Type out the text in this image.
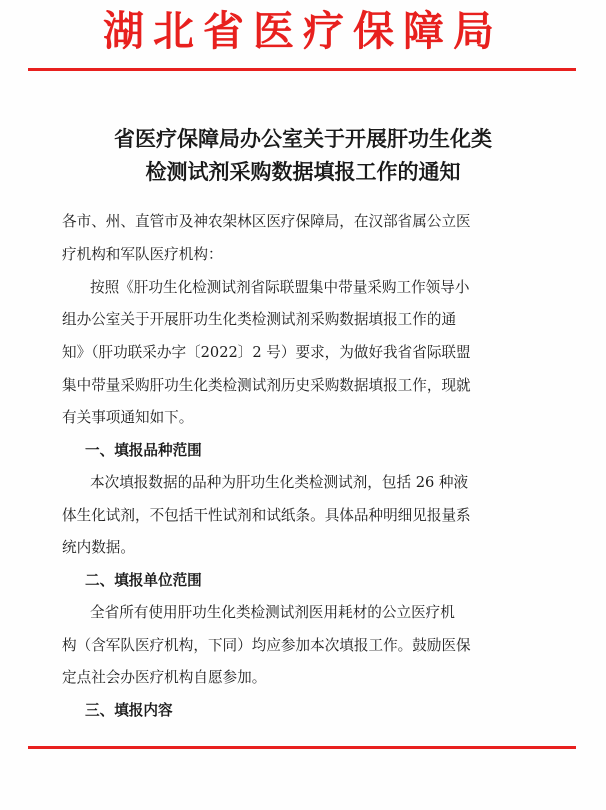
湖北省医疗保障局
省医疗保障局办公室关于开展肝功生化类
检测试剂采购数据填报工作的通知
各市、州、直管市及神农架林区医疗保障局，在汉部省属公立医
疗机构和军队医疗机构：
按照《肝功生化检测试剂省际联盟集中带量采购工作领导小
组办公室关于开展肝功生化类检测试剂采购数据填报工作的通
知》（肝功联采办字〔2022〕2 号）要求，为做好我省省际联盟
集中带量采购肝功生化类检测试剂历史采购数据填报工作，现就
有关事项通知如下。
一、填报品种范围
本次填报数据的品种为肝功生化类检测试剂，包括 26 种液
体生化试剂，不包括干性试剂和试纸条。具体品种明细见报量系
统内数据。
二、填报单位范围
全省所有使用肝功生化类检测试剂医用耗材的公立医疗机
构（含军队医疗机构，下同）均应参加本次填报工作。鼓励医保
定点社会办医疗机构自愿参加。
三、填报内容
